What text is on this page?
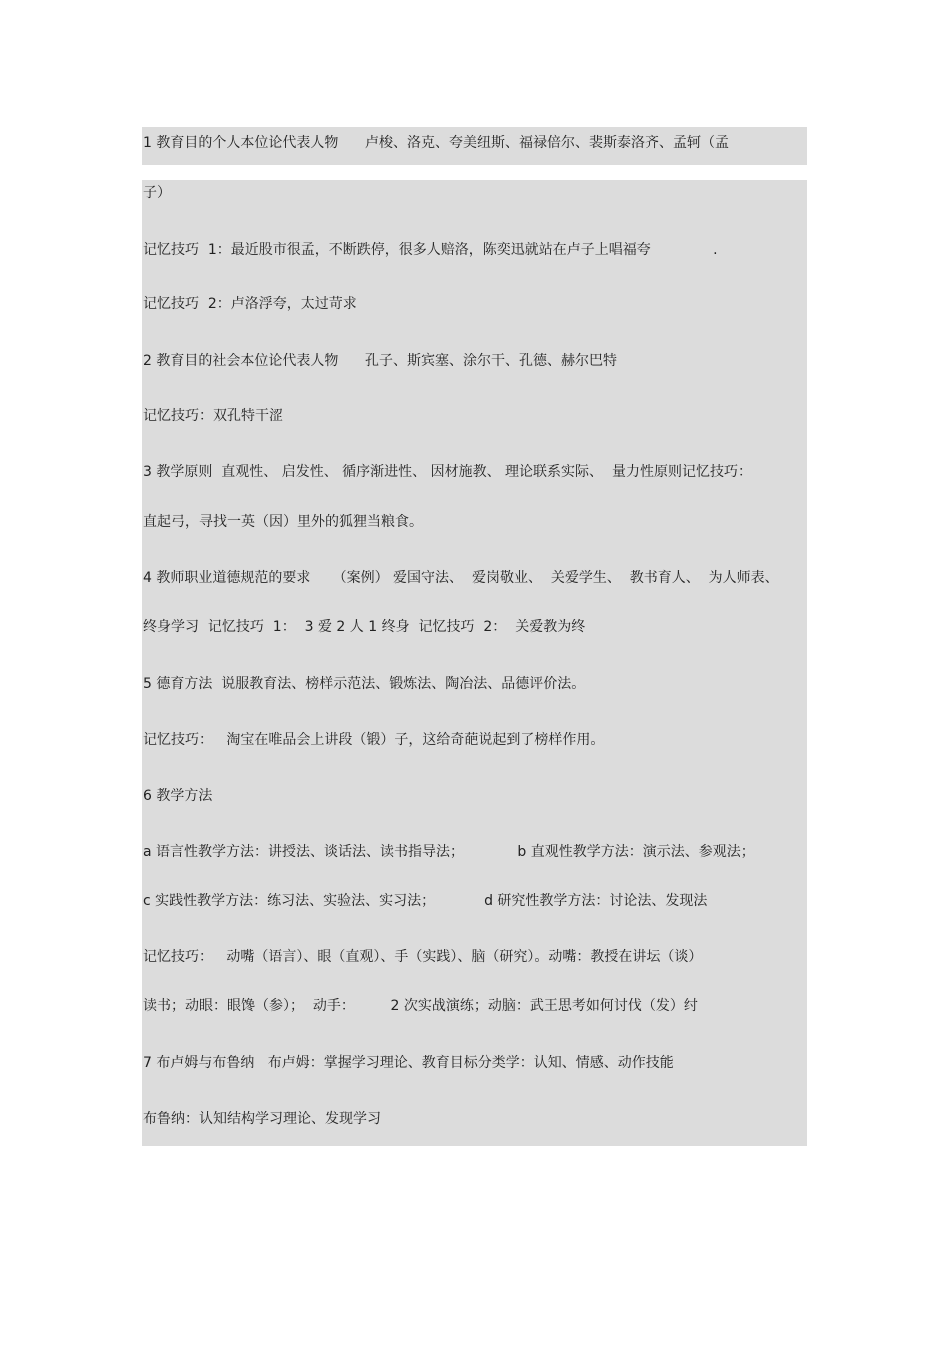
1 教育目的个人本位论代表人物      卢梭、洛克、夸美纽斯、福禄倍尔、裴斯泰洛齐、孟轲（孟
子）
记忆技巧  1：最近股市很孟，不断跌停，很多人赔洛，陈奕迅就站在卢子上唱福夸              .
记忆技巧  2：卢洛浮夸，太过苛求
2 教育目的社会本位论代表人物      孔子、斯宾塞、涂尔干、孔德、赫尔巴特
记忆技巧：双孔特干涩
3 教学原则  直观性、 启发性、 循序渐进性、 因材施教、 理论联系实际、  量力性原则记忆技巧：
直起弓，寻找一英（因）里外的狐狸当粮食。
4 教师职业道德规范的要求     （案例） 爱国守法、  爱岗敬业、  关爱学生、  教书育人、  为人师表、
终身学习  记忆技巧  1：  3 爱 2 人 1 终身  记忆技巧  2：  关爱教为终
5 德育方法  说服教育法、榜样示范法、锻炼法、陶冶法、品德评价法。
记忆技巧：   淘宝在唯品会上讲段（锻）子，这给奇葩说起到了榜样作用。
6 教学方法
a 语言性教学方法：讲授法、谈话法、读书指导法；            b 直观性教学方法：演示法、参观法；
c 实践性教学方法：练习法、实验法、实习法；           d 研究性教学方法：讨论法、发现法
记忆技巧：   动嘴（语言）、眼（直观）、手（实践）、脑（研究）。动嘴：教授在讲坛（谈）
读书；动眼：眼馋（参）；  动手：        2 次实战演练；动脑：武王思考如何讨伐（发）纣
7 布卢姆与布鲁纳   布卢姆：掌握学习理论、教育目标分类学：认知、情感、动作技能
布鲁纳：认知结构学习理论、发现学习
